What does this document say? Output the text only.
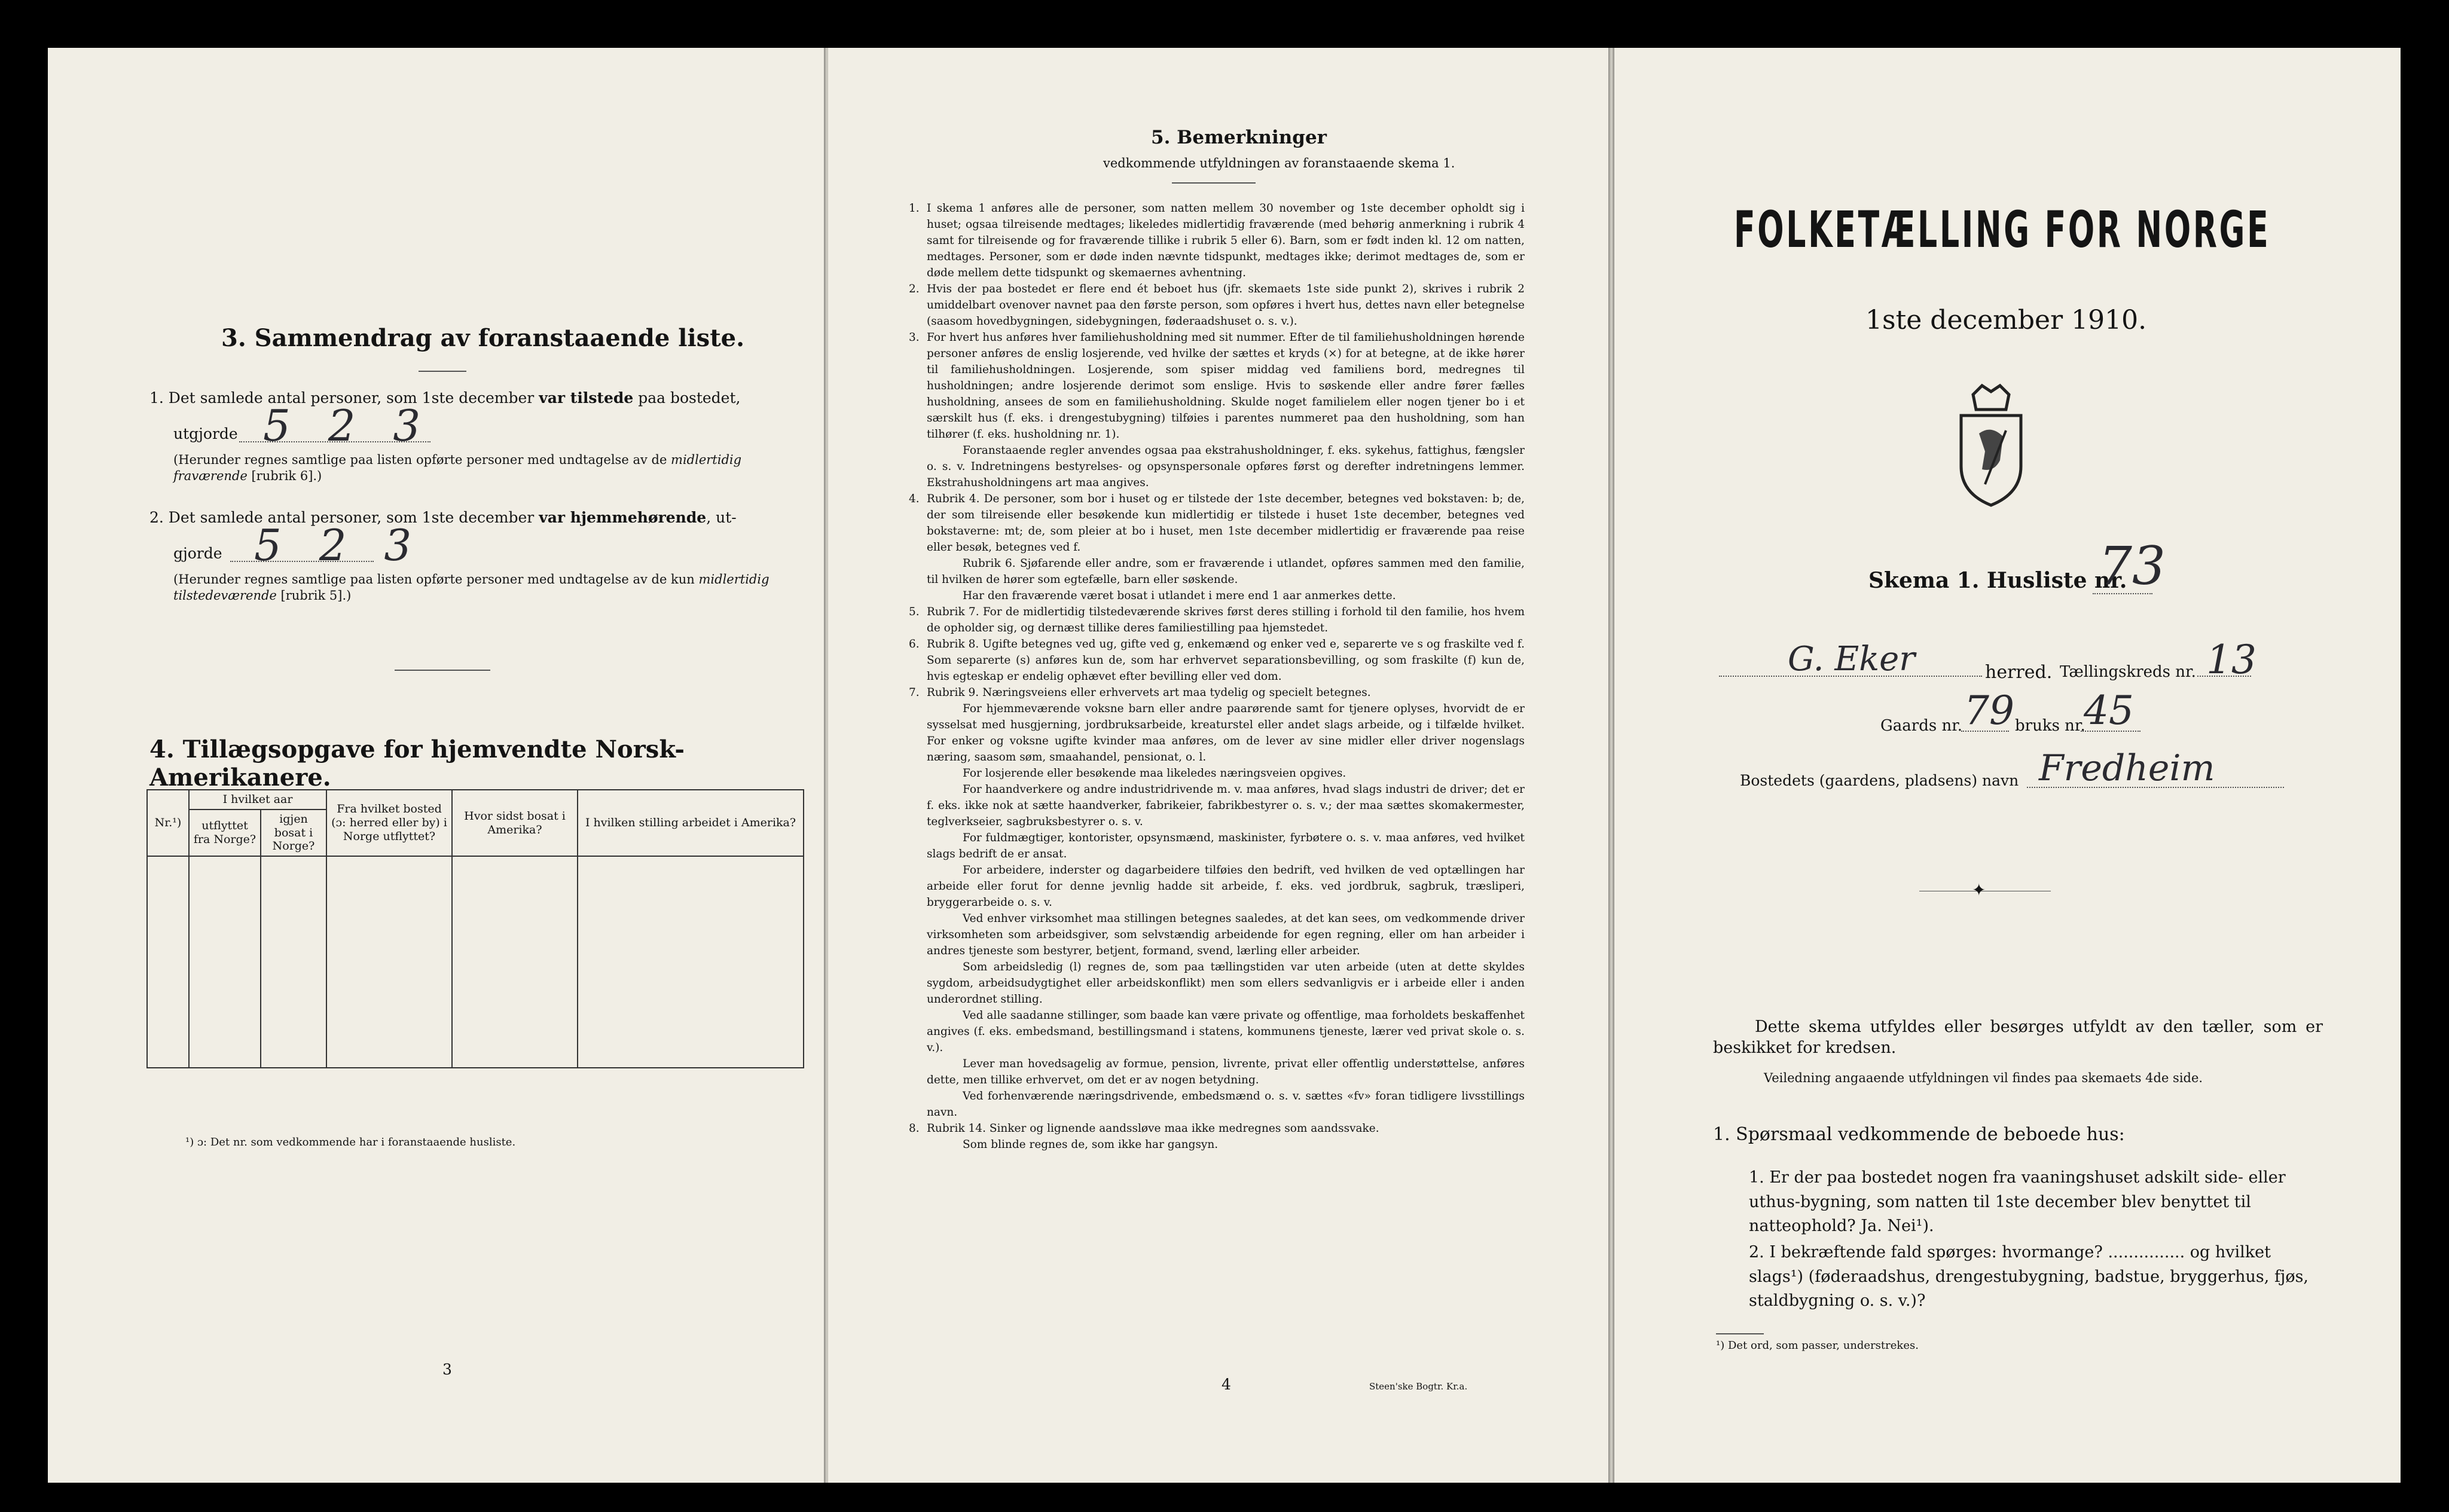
3. Sammendrag av foranstaaende liste.
1. Det samlede antal personer, som 1ste december var tilstede paa bostedet,
utgjorde 5 2 3
(Herunder regnes samtlige paa listen opførte personer med undtagelse av de midlertidig fraværende [rubrik 6].)
2. Det samlede antal personer, som 1ste december var hjemmehørende, ut-
gjorde 5 2 3
(Herunder regnes samtlige paa listen opførte personer med undtagelse av de kun midlertidig tilstedeværende [rubrik 5].)
4. Tillægsopgave for hjemvendte Norsk-Amerikanere.
Nr.¹)	I hvilket aar		Fra hvilket bosted (ɔ: herred eller by) i Norge utflyttet?	Hvor sidst bosat i Amerika?	I hvilken stilling arbeidet i Amerika?
	utflyttet fra Norge?	igjen bosat i Norge?			

¹) ɔ: Det nr. som vedkommende har i foranstaaende husliste.
3
5. Bemerkninger
vedkommende utfyldningen av foranstaaende skema 1.

1. I skema 1 anføres alle de personer, som natten mellem 30 november og 1ste december opholdt sig i huset; ogsaa tilreisende medtages; likeledes midlertidig fraværende (med behørig anmerkning i rubrik 4 samt for tilreisende og for fraværende tillike i rubrik 5 eller 6). Barn, som er født inden kl. 12 om natten, medtages. Personer, som er døde inden nævnte tidspunkt, medtages ikke; derimot medtages de, som er døde mellem dette tidspunkt og skemaernes avhentning.

2. Hvis der paa bostedet er flere end ét beboet hus (jfr. skemaets 1ste side punkt 2), skrives i rubrik 2 umiddelbart ovenover navnet paa den første person, som opføres i hvert hus, dettes navn eller betegnelse (saasom hovedbygningen, sidebygningen, føderaadshuset o. s. v.).

3. For hvert hus anføres hver familiehusholdning med sit nummer. Efter de til familiehusholdningen hørende personer anføres de enslig losjerende, ved hvilke der sættes et kryds (×) for at betegne, at de ikke hører til familiehusholdningen. Losjerende, som spiser middag ved familiens bord, medregnes til husholdningen; andre losjerende derimot som enslige. Hvis to søskende eller andre fører fælles husholdning, ansees de som en familiehusholdning. Skulde noget familielem eller nogen tjener bo i et særskilt hus (f. eks. i drengestubygning) tilføies i parentes nummeret paa den husholdning, som han tilhører (f. eks. husholdning nr. 1).

Foranstaaende regler anvendes ogsaa paa ekstrahusholdninger, f. eks. sykehus, fattighus, fængsler o. s. v. Indretningens bestyrelses- og opsynspersonale opføres først og derefter indretningens lemmer. Ekstrahusholdningens art maa angives.

4. Rubrik 4. De personer, som bor i huset og er tilstede der 1ste december, betegnes ved bokstaven: b; de, der som tilreisende eller besøkende kun midlertidig er tilstede i huset 1ste december, betegnes ved bokstaverne: mt; de, som pleier at bo i huset, men 1ste december midlertidig er fraværende paa reise eller besøk, betegnes ved f.

Rubrik 6. Sjøfarende eller andre, som er fraværende i utlandet, opføres sammen med den familie, til hvilken de hører som egtefælle, barn eller søskende.

Har den fraværende været bosat i utlandet i mere end 1 aar anmerkes dette.

5. Rubrik 7. For de midlertidig tilstedeværende skrives først deres stilling i forhold til den familie, hos hvem de opholder sig, og dernæst tillike deres familiestilling paa hjemstedet.

6. Rubrik 8. Ugifte betegnes ved ug, gifte ved g, enkemænd og enker ved e, separerte ve s og fraskilte ved f. Som separerte (s) anføres kun de, som har erhvervet separationsbevilling, og som fraskilte (f) kun de, hvis egteskap er endelig ophævet efter bevilling eller ved dom.

7. Rubrik 9. Næringsveiens eller erhvervets art maa tydelig og specielt betegnes.

For hjemmeværende voksne barn eller andre paarørende samt for tjenere oplyses, hvorvidt de er sysselsat med husgjerning, jordbruksarbeide, kreaturstel eller andet slags arbeide, og i tilfælde hvilket. For enker og voksne ugifte kvinder maa anføres, om de lever av sine midler eller driver nogenslags næring, saasom søm, smaahandel, pensionat, o. l.

For losjerende eller besøkende maa likeledes næringsveien opgives.

For haandverkere og andre industridrivende m. v. maa anføres, hvad slags industri de driver; det er f. eks. ikke nok at sætte haandverker, fabrikeier, fabrikbestyrer o. s. v.; der maa sættes skomakermester, teglverkseier, sagbruksbestyrer o. s. v.

For fuldmægtiger, kontorister, opsynsmænd, maskinister, fyrbøtere o. s. v. maa anføres, ved hvilket slags bedrift de er ansat.

For arbeidere, inderster og dagarbeidere tilføies den bedrift, ved hvilken de ved optællingen har arbeide eller forut for denne jevnlig hadde sit arbeide, f. eks. ved jordbruk, sagbruk, træsliperi, bryggerarbeide o. s. v.

Ved enhver virksomhet maa stillingen betegnes saaledes, at det kan sees, om vedkommende driver virksomheten som arbeidsgiver, som selvstændig arbeidende for egen regning, eller om han arbeider i andres tjeneste som bestyrer, betjent, formand, svend, lærling eller arbeider.

Som arbeidsledig (l) regnes de, som paa tællingstiden var uten arbeide (uten at dette skyldes sygdom, arbeidsudygtighet eller arbeidskonflikt) men som ellers sedvanligvis er i arbeide eller i anden underordnet stilling.

Ved alle saadanne stillinger, som baade kan være private og offentlige, maa forholdets beskaffenhet angives (f. eks. embedsmand, bestillingsmand i statens, kommunens tjeneste, lærer ved privat skole o. s. v.).

Lever man hovedsagelig av formue, pension, livrente, privat eller offentlig understøttelse, anføres dette, men tillike erhvervet, om det er av nogen betydning.

Ved forhenværende næringsdrivende, embedsmænd o. s. v. sættes «fv» foran tidligere livsstillings navn.

8. Rubrik 14. Sinker og lignende aandssløve maa ikke medregnes som aandssvake.

Som blinde regnes de, som ikke har gangsyn.

4	Steen'ske Bogtr. Kr.a.
FOLKETÆLLING FOR NORGE
1ste december 1910.
Skema 1. Husliste nr.
73
G. Eker	herred. Tællingskreds nr. 13
Gaards nr. 79 bruks nr.
45
Bostedets (gaardens, pladsens) navn Fredheim
✦
Dette skema utfyldes eller besørges utfyldt av den tæller, som er beskikket for kredsen.
Veiledning angaaende utfyldningen vil findes paa skemaets 4de side.
1. Spørsmaal vedkommende de beboede hus:
1. Er der paa bostedet nogen fra vaaningshuset adskilt side- eller uthus-bygning, som natten til 1ste december blev benyttet til natteophold? Ja. Nei¹).
2. I bekræftende fald spørges: hvormange? ............... og hvilket slags¹) (føderaadshus, drengestubygning, badstue, bryggerhus, fjøs, staldbygning o. s. v.)?
¹) Det ord, som passer, understrekes.
